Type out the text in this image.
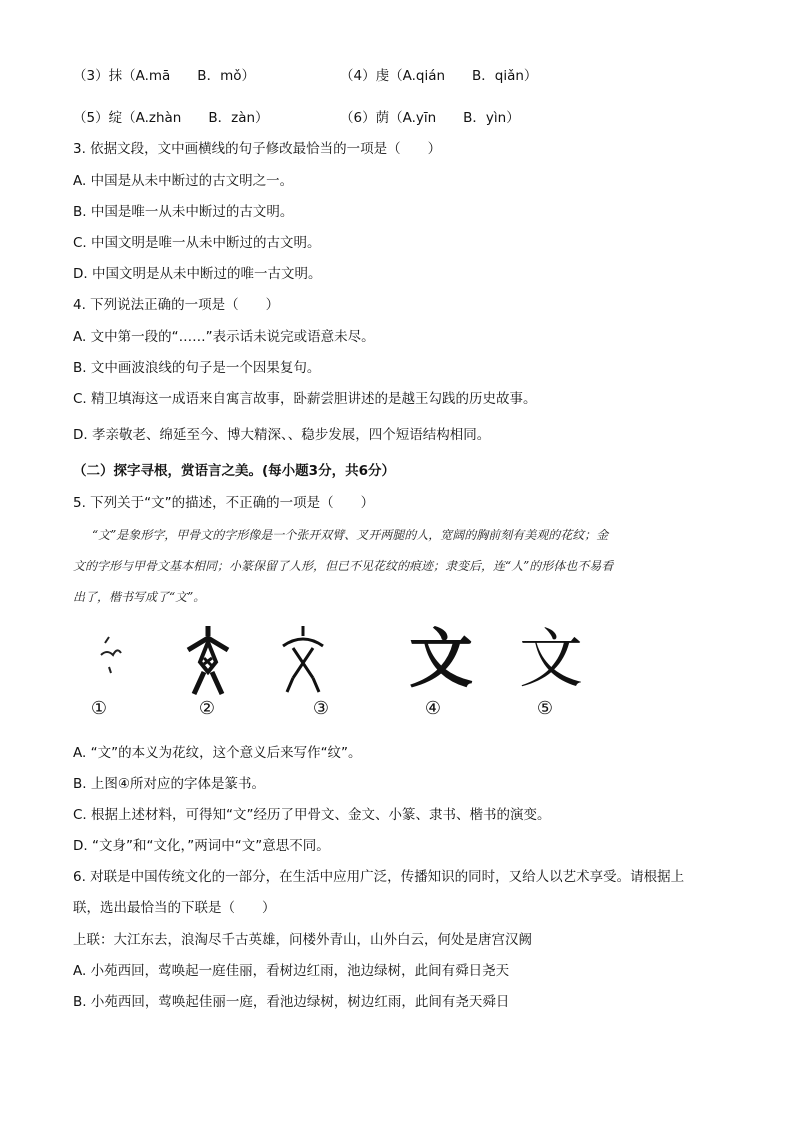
（3）抹（A.mā　　B．mǒ）	（4）虔（A.qián　　B．qiǎn）
（5）绽（A.zhàn　　B．zàn）	（6）荫（A.yīn　　B．yìn）
3. 依据文段，文中画横线的句子修改最恰当的一项是（　　）
A. 中国是从未中断过的古文明之一。
B. 中国是唯一从未中断过的古文明。
C. 中国文明是唯一从未中断过的古文明。
D. 中国文明是从未中断过的唯一古文明。
4. 下列说法正确的一项是（　　）
A. 文中第一段的“……”表示话未说完或语意未尽。
B. 文中画波浪线的句子是一个因果复句。
C. 精卫填海这一成语来自寓言故事，卧薪尝胆讲述的是越王勾践的历史故事。
D. 孝亲敬老、绵延至今、博大精深、、稳步发展，四个短语结构相同。
（二）探字寻根，赏语言之美。(每小题3分，共6分）
5. 下列关于“文”的描述，不正确的一项是（　　）
“文”是象形字，甲骨文的字形像是一个张开双臂、叉开两腿的人，宽阔的胸前刻有美观的花纹；金
文的字形与甲骨文基本相同；小篆保留了人形，但已不见花纹的痕迹；隶变后，连“人”的形体也不易看
出了，楷书写成了“文”。
文 文
①	②	③	④	⑤
A. “文”的本义为花纹，这个意义后来写作“纹”。
B. 上图④所对应的字体是篆书。
C. 根据上述材料，可得知“文”经历了甲骨文、金文、小篆、隶书、楷书的演变。
D. “文身”和“文化，”两词中“文”意思不同。
6. 对联是中国传统文化的一部分，在生活中应用广泛，传播知识的同时，又给人以艺术享受。请根据上
联，选出最恰当的下联是（　　）
上联：大江东去，浪淘尽千古英雄，问楼外青山，山外白云，何处是唐宫汉阙
A. 小苑西回，莺唤起一庭佳丽，看树边红雨，池边绿树，此间有舜日尧天
B. 小苑西回，莺唤起佳丽一庭，看池边绿树，树边红雨，此间有尧天舜日
